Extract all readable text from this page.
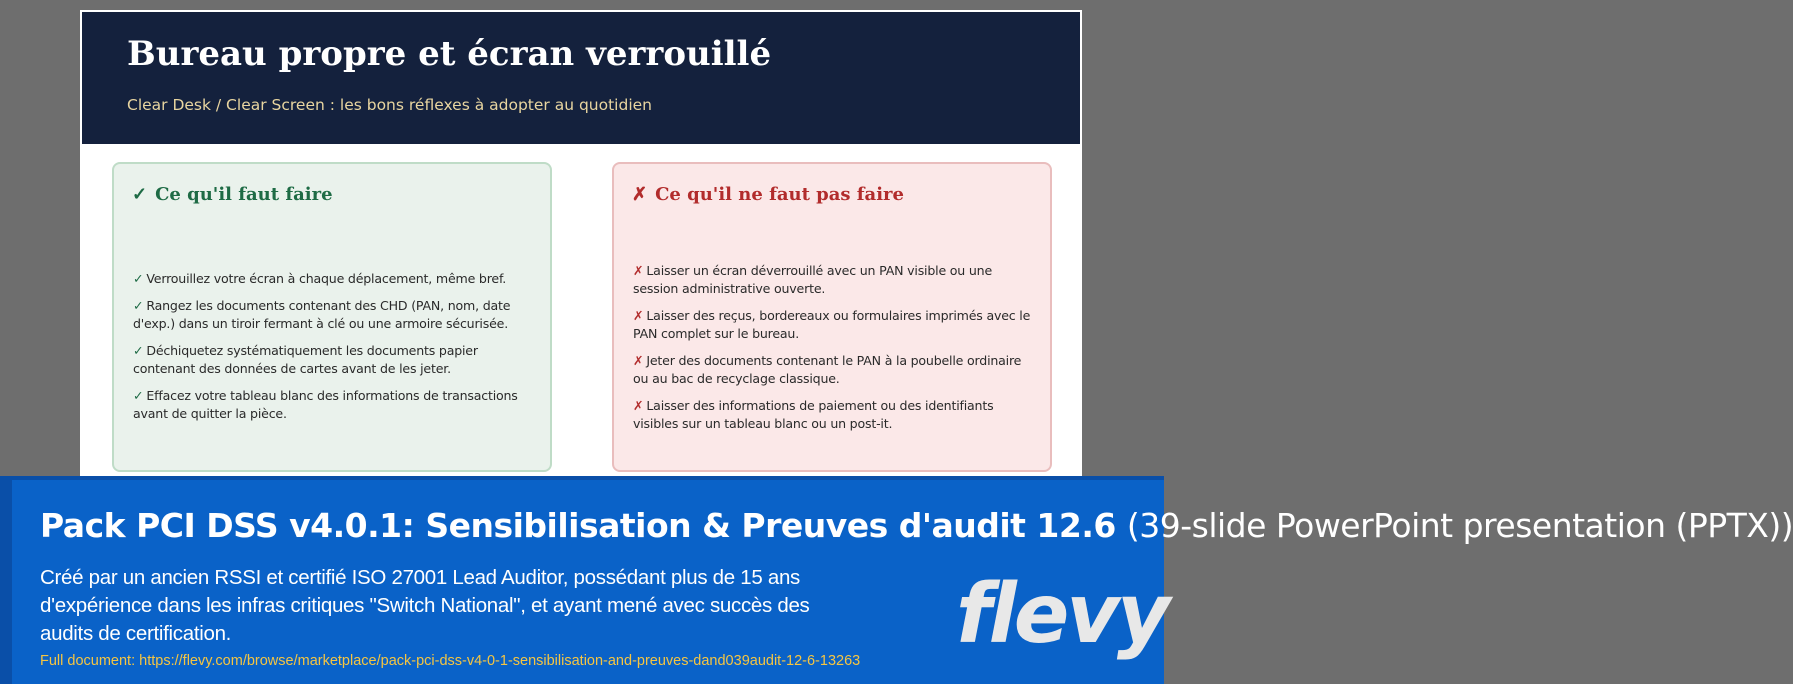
Bureau propre et écran verrouillé

Clear Desk / Clear Screen : les bons réflexes à adopter au quotidien

✓ Ce qu'il faut faire
✓ Verrouillez votre écran à chaque déplacement, même bref.
✓ Rangez les documents contenant des CHD (PAN, nom, date d'exp.) dans un tiroir fermant à clé ou une armoire sécurisée.
✓ Déchiquetez systématiquement les documents papier contenant des données de cartes avant de les jeter.
✓ Effacez votre tableau blanc des informations de transactions avant de quitter la pièce.
✗ Ce qu'il ne faut pas faire
✗ Laisser un écran déverrouillé avec un PAN visible ou une session administrative ouverte.
✗ Laisser des reçus, bordereaux ou formulaires imprimés avec le PAN complet sur le bureau.
✗ Jeter des documents contenant le PAN à la poubelle ordinaire ou au bac de recyclage classique.
✗ Laisser des informations de paiement ou des identifiants visibles sur un tableau blanc ou un post-it.
Pack PCI DSS v4.0.1: Sensibilisation & Preuves d'audit 12.6 (39-slide PowerPoint presentation (PPTX))

Créé par un ancien RSSI et certifié ISO 27001 Lead Auditor, possédant plus de 15 ans d'expérience dans les infras critiques "Switch National", et ayant mené avec succès des audits de certification.

Full document: https://flevy.com/browse/marketplace/pack-pci-dss-v4-0-1-sensibilisation-and-preuves-dand039audit-12-6-13263 flevy
